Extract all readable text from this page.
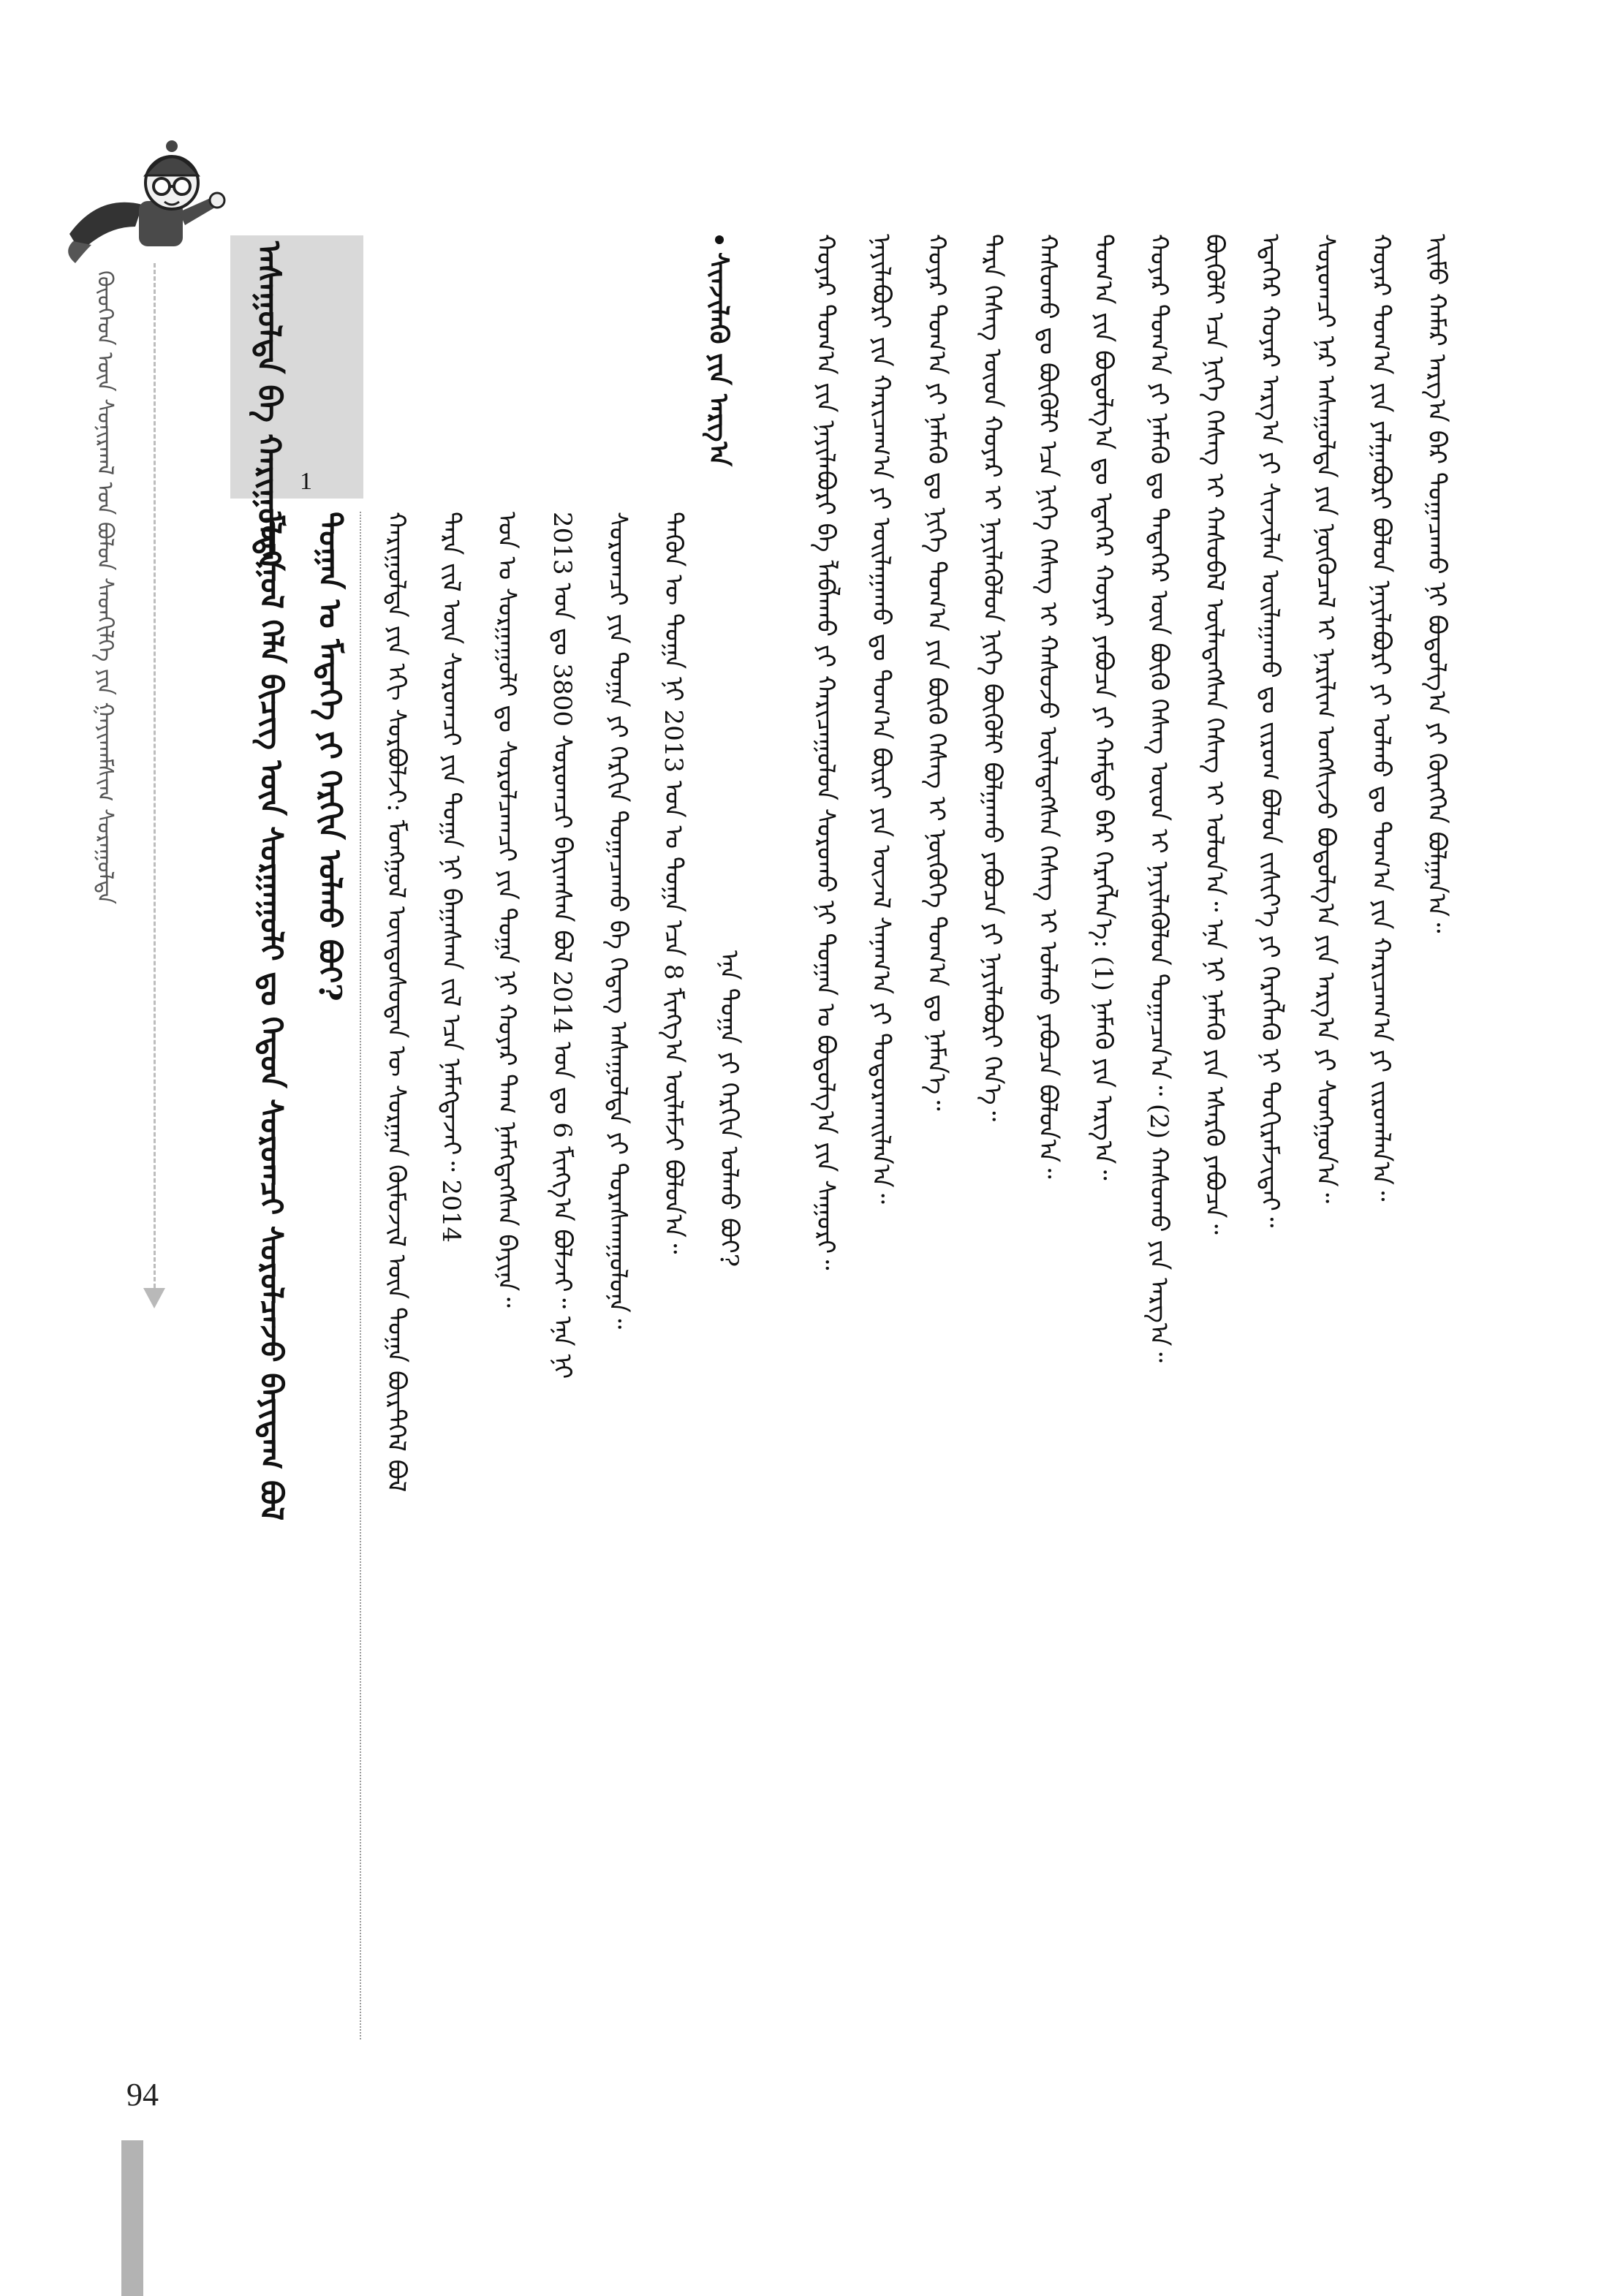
ᠬᠦᠦᠬᠡᠳ ᠦᠨ ᠰᠣᠨᠢᠷᠬᠠᠯ ᠤᠨ ᠪᠣᠯᠤᠨ ᠰᠡᠳᠬᠢᠯᠭᠡ ᠶᠢᠨ ᠭᠠᠶᠢᠬᠠᠮᠰᠢᠭ ᠰᠤᠷᠠᠭᠤᠯᠲᠠ
94
ᠠᠰᠠᠭᠤᠯᠲᠠ ᠪᠠ ᠬᠠᠷᠢᠭᠤᠯᠲᠠ 1
ᠮᠣᠩᠭᠣᠯ ᠬᠡᠯᠡ ᠪᠢᠴᠢᠭ ᠦᠨ ᠰᠤᠷᠭᠠᠭᠤᠯᠢ ᠳᠤ ᠬᠡᠳᠦᠨ ᠰᠤᠷᠤᠭᠴᠢ ᠰᠤᠷᠤᠯᠴᠠᠵᠤ ᠪᠠᠶᠢᠳᠠᠭ ᠪᠣᠯ ᠲᠣᠭᠠᠨ ᠤ ᠮᠡᠳᠡᠭᠡ ᠶᠢ ᠬᠡᠷᠬᠢᠨ ᠣᠯᠬᠤ ᠪᠣᠢ? ᠬᠠᠷᠢᠭᠤᠯᠲᠠ ᠶᠢᠨ ᠡᠬᠢ ᠰᠤᠷᠪᠤᠯᠵᠢ: ᠮᠣᠩᠭᠣᠯ ᠦᠨᠳᠦᠰᠦᠲᠡᠨ ᠦ ᠰᠤᠷᠭᠠᠨ ᠬᠦᠮᠦᠵᠢᠯ ᠦᠨ ᠲᠣᠭᠠ ᠪᠦᠷᠲᠭᠡᠯ ᠪᠣᠯ ᠲᠡᠷᠡ ᠵᠢᠯ ᠦᠨ ᠰᠤᠷᠤᠭᠴᠢ ᠶᠢᠨ ᠲᠣᠭᠠ ᠨᠢ ᠪᠠᠭᠠᠰᠬᠠ ᠵᠢᠯ ᠡᠴᠡ ᠨᠡᠮᠡᠭᠳᠡᠵᠡᠢ᠃ 2014 ᠣᠨ ᠤ ᠰᠤᠷᠭᠠᠭᠤᠯᠢ ᠳᠤ ᠰᠤᠷᠤᠯᠴᠠᠭᠴᠢ ᠶᠢᠨ ᠲᠣᠭᠠ ᠨᠢ ᠬᠣᠶᠠᠷ ᠲᠠᠭ ᠨᠡᠮᠡᠭᠳᠡᠭᠰᠡᠨ ᠪᠠᠶᠢᠨᠠ᠃ 2013 ᠣᠨ ᠳᠤ 3800 ᠰᠤᠷᠤᠭᠴᠢ ᠪᠠᠶᠢᠭᠰᠠᠨ ᠪᠣᠯ 2014 ᠣᠨ ᠳᠤ 6 ᠮᠢᠩᠭ᠎ᠠ ᠪᠣᠯᠵᠠᠢ᠃ ᠡᠨᠡ ᠨᠢ ᠰᠤᠷᠤᠭᠴᠢ ᠶᠢᠨ ᠲᠣᠭᠠ ᠶᠢ ᠬᠡᠷᠬᠢᠨ ᠲᠣᠭᠠᠴᠠᠬᠤ ᠪᠡ ᠭᠡᠳᠡᠭ ᠠᠰᠠᠭᠤᠯᠲᠠ ᠶᠢ ᠳᠤᠷᠠᠰᠬᠠᠭᠤᠯᠤᠨᠠ᠃ ᠲᠡᠭᠦᠨ ᠦ ᠲᠣᠭᠠ ᠨᠢ 2013 ᠣᠨ ᠤ ᠲᠣᠭᠠ ᠡᠴᠡ 8 ᠮᠢᠩᠭ᠎ᠠ ᠦᠯᠡᠮᠵᠢ ᠪᠣᠯᠤᠨ᠎ᠠ᠃ ᠡᠨᠡ ᠲᠣᠭᠠ ᠶᠢ ᠬᠡᠷᠬᠢᠨ ᠣᠯᠬᠤ ᠪᠣᠢ?
ᠰᠢᠨᠵᠢᠯᠡᠬᠦ ᠶᠢᠨ ᠠᠷᠭ᠎ᠠ	ᠬᠣᠶᠠᠷ ᠲᠣᠭ᠎ᠠ ᠶᠢᠨ ᠨᠡᠶᠢᠯᠡᠪᠦᠷᠢ ᠪᠠ ᠯᠠᠪᠯᠠᠬᠤ ᠶᠢ ᠬᠠᠷᠢᠴᠠᠭᠤᠯᠤᠨ ᠰᠤᠷᠤᠬᠤ ᠨᠢ ᠲᠣᠭᠠᠨ ᠤ ᠪᠣᠳᠤᠯᠭ᠎ᠠ ᠶᠢᠨ ᠰᠠᠭᠤᠷᠢ᠃ ᠨᠡᠶᠢᠯᠡᠪᠦᠷᠢ ᠶᠢᠨ ᠬᠠᠷᠢᠴᠠᠭ᠎ᠠ ᠶᠢ ᠣᠢᠯᠠᠭᠠᠬᠤ ᠳᠤ ᠲᠣᠭ᠎ᠠ ᠪᠦᠷᠢ ᠶᠢᠨ ᠦᠵᠡᠯ ᠰᠠᠨᠠᠭ᠎ᠠ ᠶᠢ ᠲᠣᠳᠤᠷᠬᠠᠢᠯᠠᠨ᠎ᠠ᠃ ᠬᠣᠶᠠᠷ ᠲᠣᠭ᠎ᠠ ᠶᠢ ᠨᠡᠮᠡᠬᠦ ᠳᠤ ᠨᠢᠭᠡ ᠲᠣᠭ᠎ᠠ ᠶᠢᠨ ᠪᠦᠬᠦ ᠬᠡᠰᠡᠭ ᠢ ᠨᠥᠭᠦᠭᠡ ᠲᠣᠭ᠎ᠠ ᠳᠤ ᠨᠡᠮᠡᠨ᠎ᠡ᠃ ᠲᠡᠷᠡ ᠬᠡᠰᠡᠭ ᠦᠳ ᠬᠣᠶᠠᠷ ᠢ ᠨᠡᠶᠢᠯᠡᠭᠦᠯᠦᠨ ᠨᠢᠭᠡ ᠪᠦᠬᠦᠯᠢ ᠪᠣᠯᠭᠠᠬᠤ ᠶᠠᠪᠤᠴᠠ ᠶᠢ ᠨᠡᠶᠢᠯᠡᠪᠦᠷᠢ ᠭᠡᠨ᠎ᠡ᠃ ᠬᠠᠰᠤᠬᠤ ᠳᠤ ᠪᠦᠬᠦᠯᠢ ᠡᠴᠡ ᠨᠢᠭᠡ ᠬᠡᠰᠡᠭ ᠢ ᠬᠠᠰᠤᠵᠤ ᠦᠯᠡᠳᠡᠭᠰᠡᠨ ᠬᠡᠰᠡᠭ ᠢ ᠣᠯᠬᠤ ᠶᠠᠪᠤᠴᠠ ᠪᠣᠯᠤᠨ᠎ᠠ᠃ ᠲᠣᠭ᠎ᠠ ᠶᠢᠨ ᠪᠣᠳᠤᠯᠭ᠎ᠠ ᠳᠤ ᠡᠳᠡᠭᠡᠷ ᠬᠣᠶᠠᠷ ᠶᠠᠪᠤᠴᠠ ᠶᠢ ᠬᠠᠮᠲᠤ ᠪᠡᠷ ᠬᠡᠷᠡᠭᠯᠡᠨ᠎ᠡ: (1) ᠨᠡᠮᠡᠬᠦ ᠶᠢᠨ ᠠᠷᠭ᠎ᠠ᠃ ᠬᠣᠶᠠᠷ ᠲᠣᠭ᠎ᠠ ᠶᠢ ᠨᠡᠮᠡᠬᠦ ᠳᠤ ᠲᠡᠳᠡᠭᠡᠷ ᠦᠨ ᠪᠦᠬᠦ ᠬᠡᠰᠡᠭ ᠦᠳ ᠢ ᠨᠡᠶᠢᠯᠡᠭᠦᠯᠦᠨ ᠲᠣᠭᠠᠴᠠᠨ᠎ᠠ᠃ (2) ᠬᠠᠰᠤᠬᠤ ᠶᠢᠨ ᠠᠷᠭ᠎ᠠ᠃ ᠪᠦᠬᠦᠯᠢ ᠡᠴᠡ ᠨᠢᠭᠡ ᠬᠡᠰᠡᠭ ᠢ ᠬᠠᠰᠤᠪᠠᠯ ᠦᠯᠡᠳᠡᠭᠰᠡᠨ ᠬᠡᠰᠡᠭ ᠢ ᠣᠯᠤᠨ᠎ᠠ᠃ ᠡᠨᠡ ᠨᠢ ᠨᠡᠮᠡᠬᠦ ᠶᠢᠨ ᠡᠰᠡᠷᠭᠦ ᠶᠠᠪᠤᠴᠠ᠃ ᠡᠳᠡᠭᠡᠷ ᠬᠣᠶᠠᠷ ᠠᠷᠭ᠎ᠠ ᠶᠢ ᠰᠢᠨᠵᠢᠯᠡᠨ ᠣᠢᠯᠠᠭᠠᠬᠤ ᠳᠤ ᠵᠢᠷᠤᠭ ᠪᠣᠯᠤᠨ ᠵᠢᠱᠢᠶ᠎ᠡ ᠶᠢ ᠬᠡᠷᠡᠭᠯᠡᠬᠦ ᠨᠢ ᠲᠣᠬᠢᠷᠠᠮᠵᠢᠲᠠᠢ᠃ ᠰᠤᠷᠤᠭᠴᠢ ᠨᠠᠷ ᠠᠰᠠᠭᠤᠯᠲᠠ ᠶᠢᠨ ᠨᠥᠬᠦᠴᠡᠯ ᠢ ᠨᠠᠷᠢᠯᠢᠭ ᠤᠩᠰᠢᠵᠤ ᠪᠣᠳᠤᠯᠭ᠎ᠠ ᠶᠢᠨ ᠠᠷᠭ᠎ᠠ ᠶᠢ ᠰᠣᠩᠭᠣᠨ᠎ᠠ᠃ ᠬᠣᠶᠠᠷ ᠲᠣᠭ᠎ᠠ ᠶᠢᠨ ᠶᠠᠯᠭᠠᠪᠤᠷᠢ ᠪᠣᠯᠤᠨ ᠨᠡᠶᠢᠯᠡᠪᠦᠷᠢ ᠶᠢ ᠣᠯᠬᠤ ᠳᠤ ᠲᠣᠭ᠎ᠠ ᠶᠢᠨ ᠬᠠᠷᠢᠴᠠᠭ᠎ᠠ ᠶᠢ ᠵᠢᠷᠤᠭᠯᠠᠨ᠎ᠠ᠃ ᠡᠢᠮᠦ ᠬᠠᠮᠠᠷ ᠠᠷᠭ᠎ᠠ ᠪᠠᠷ ᠲᠣᠭᠠᠴᠠᠬᠤ ᠨᠢ ᠪᠣᠳᠤᠯᠭ᠎ᠠ ᠶᠢ ᠬᠥᠩᠭᠡᠨ ᠪᠣᠯᠭᠠᠨ᠎ᠠ᠃
